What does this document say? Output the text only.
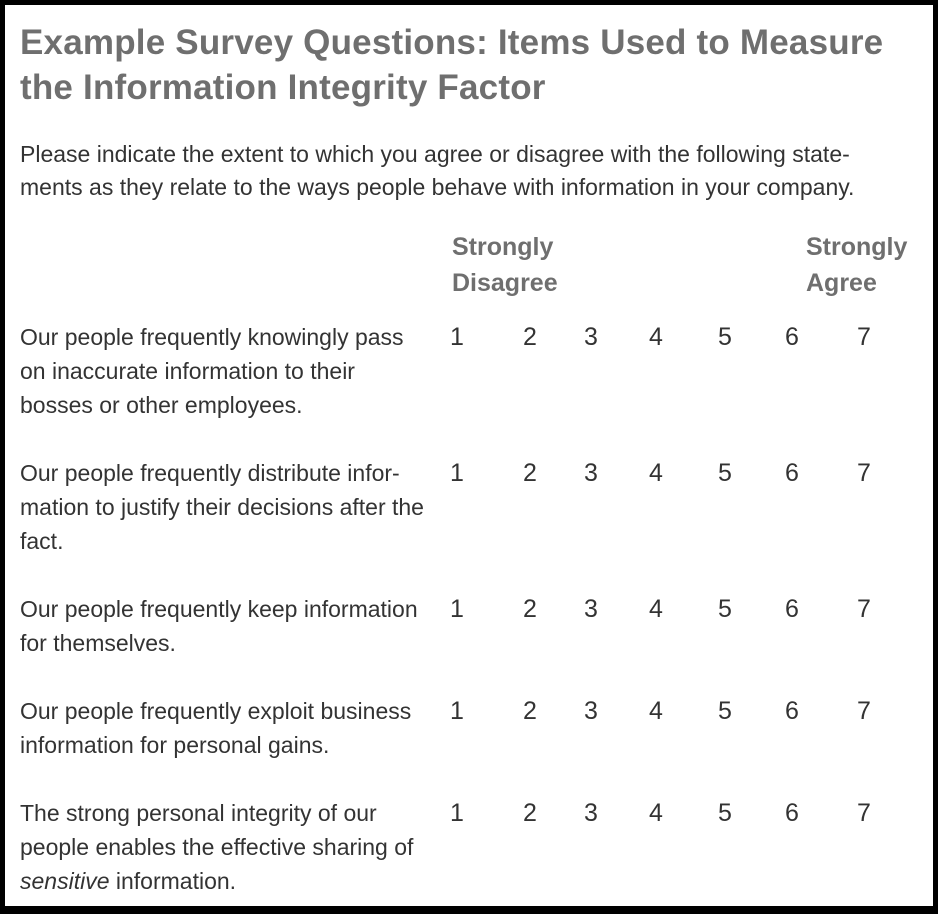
Example Survey Questions: Items Used to Measure the Information Integrity Factor

Please indicate the extent to which you agree or disagree with the following state-ments as they relate to the ways people behave with information in your company.

Strongly
Disagree
Strongly
Agree

Our people frequently knowingly pass on inaccurate information to their bosses or other employees.

1 2 3 4 5 6 7

Our people frequently distribute infor-mation to justify their decisions after the fact.

1 2 3 4 5 6 7

Our people frequently keep information for themselves.

1 2 3 4 5 6 7

Our people frequently exploit business information for personal gains.

1 2 3 4 5 6 7

The strong personal integrity of our people enables the effective sharing of sensitive information.

1 2 3 4 5 6 7
